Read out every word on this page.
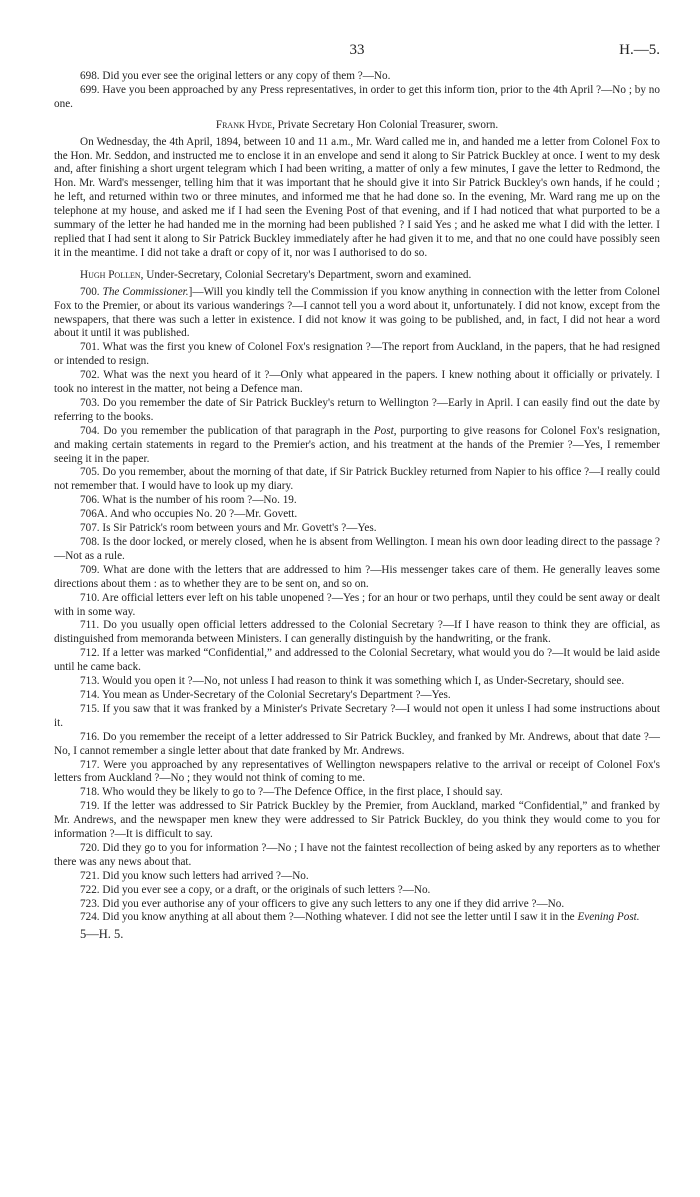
33	H.—5.

698. Did you ever see the original letters or any copy of them ?—No.

699. Have you been approached by any Press representatives, in order to get this inform tion, prior to the 4th April ?—No ; by no one.

Frank Hyde, Private Secretary Hon Colonial Treasurer, sworn.

On Wednesday, the 4th April, 1894, between 10 and 11 a.m., Mr. Ward called me in, and handed me a letter from Colonel Fox to the Hon. Mr. Seddon, and instructed me to enclose it in an envelope and send it along to Sir Patrick Buckley at once. I went to my desk and, after finishing a short urgent telegram which I had been writing, a matter of only a few minutes, I gave the letter to Redmond, the Hon. Mr. Ward's messenger, telling him that it was important that he should give it into Sir Patrick Buckley's own hands, if he could ; he left, and returned within two or three minutes, and informed me that he had done so. In the evening, Mr. Ward rang me up on the telephone at my house, and asked me if I had seen the Evening Post of that evening, and if I had noticed that what purported to be a summary of the letter he had handed me in the morning had been published ? I said Yes ; and he asked me what I did with the letter. I replied that I had sent it along to Sir Patrick Buckley immediately after he had given it to me, and that no one could have possibly seen it in the meantime. I did not take a draft or copy of it, nor was I authorised to do so.

Hugh Pollen, Under-Secretary, Colonial Secretary's Department, sworn and examined.

700. The Commissioner.]—Will you kindly tell the Commission if you know anything in connection with the letter from Colonel Fox to the Premier, or about its various wanderings ?—I cannot tell you a word about it, unfortunately. I did not know, except from the newspapers, that there was such a letter in existence. I did not know it was going to be published, and, in fact, I did not hear a word about it until it was published.

701. What was the first you knew of Colonel Fox's resignation ?—The report from Auckland, in the papers, that he had resigned or intended to resign.

702. What was the next you heard of it ?—Only what appeared in the papers. I knew nothing about it officially or privately. I took no interest in the matter, not being a Defence man.

703. Do you remember the date of Sir Patrick Buckley's return to Wellington ?—Early in April. I can easily find out the date by referring to the books.

704. Do you remember the publication of that paragraph in the Post, purporting to give reasons for Colonel Fox's resignation, and making certain statements in regard to the Premier's action, and his treatment at the hands of the Premier ?—Yes, I remember seeing it in the paper.

705. Do you remember, about the morning of that date, if Sir Patrick Buckley returned from Napier to his office ?—I really could not remember that. I would have to look up my diary.

706. What is the number of his room ?—No. 19.

706A. And who occupies No. 20 ?—Mr. Govett.

707. Is Sir Patrick's room between yours and Mr. Govett's ?—Yes.

708. Is the door locked, or merely closed, when he is absent from Wellington. I mean his own door leading direct to the passage ?—Not as a rule.

709. What are done with the letters that are addressed to him ?—His messenger takes care of them. He generally leaves some directions about them : as to whether they are to be sent on, and so on.

710. Are official letters ever left on his table unopened ?—Yes ; for an hour or two perhaps, until they could be sent away or dealt with in some way.

711. Do you usually open official letters addressed to the Colonial Secretary ?—If I have reason to think they are official, as distinguished from memoranda between Ministers. I can generally distinguish by the handwriting, or the frank.

712. If a letter was marked “Confidential,” and addressed to the Colonial Secretary, what would you do ?—It would be laid aside until he came back.

713. Would you open it ?—No, not unless I had reason to think it was something which I, as Under-Secretary, should see.

714. You mean as Under-Secretary of the Colonial Secretary's Department ?—Yes.

715. If you saw that it was franked by a Minister's Private Secretary ?—I would not open it unless I had some instructions about it.

716. Do you remember the receipt of a letter addressed to Sir Patrick Buckley, and franked by Mr. Andrews, about that date ?—No, I cannot remember a single letter about that date franked by Mr. Andrews.

717. Were you approached by any representatives of Wellington newspapers relative to the arrival or receipt of Colonel Fox's letters from Auckland ?—No ; they would not think of coming to me.

718. Who would they be likely to go to ?—The Defence Office, in the first place, I should say.

719. If the letter was addressed to Sir Patrick Buckley by the Premier, from Auckland, marked “Confidential,” and franked by Mr. Andrews, and the newspaper men knew they were addressed to Sir Patrick Buckley, do you think they would come to you for information ?—It is difficult to say.

720. Did they go to you for information ?—No ; I have not the faintest recollection of being asked by any reporters as to whether there was any news about that.

721. Did you know such letters had arrived ?—No.

722. Did you ever see a copy, or a draft, or the originals of such letters ?—No.

723. Did you ever authorise any of your officers to give any such letters to any one if they did arrive ?—No.

724. Did you know anything at all about them ?—Nothing whatever. I did not see the letter until I saw it in the Evening Post.

5—H. 5.
